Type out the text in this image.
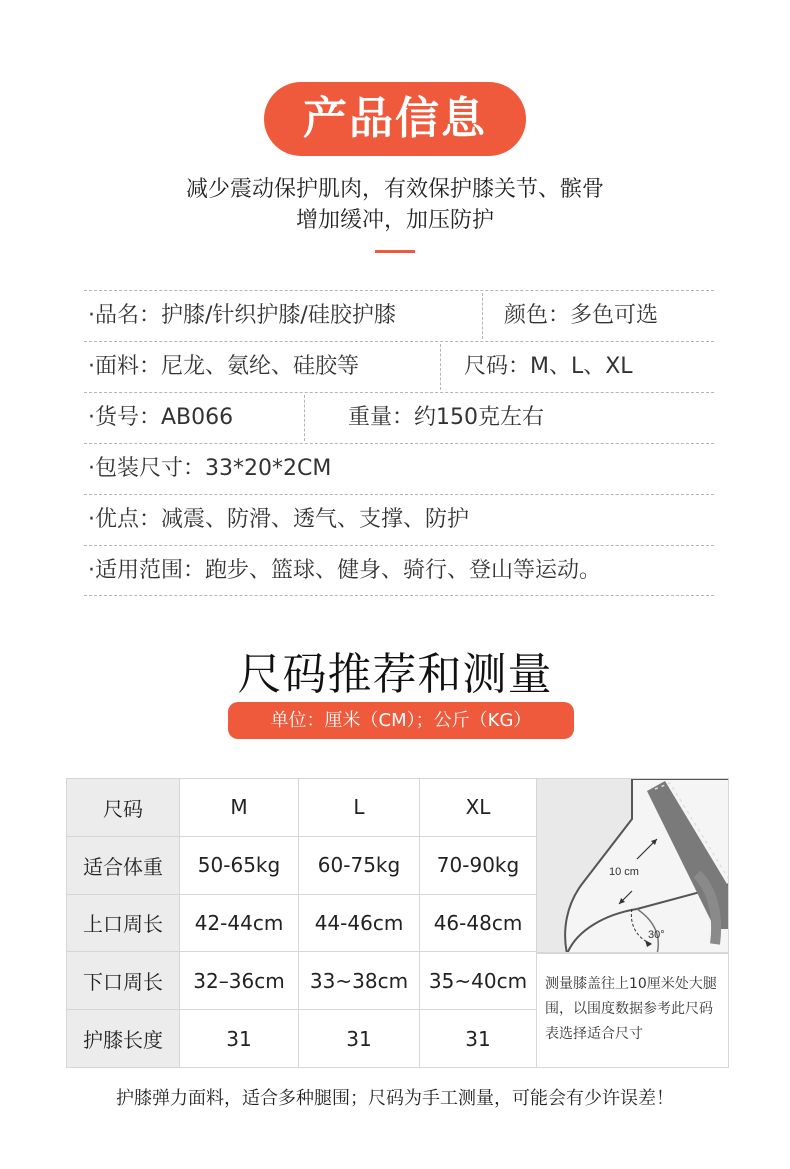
产品信息
减少震动保护肌肉，有效保护膝关节、髌骨
增加缓冲，加压防护
·品名：护膝/针织护膝/硅胶护膝	颜色：多色可选
·面料：尼龙、氨纶、硅胶等	尺码：M、L、XL
·货号：AB066	重量：约150克左右
·包装尺寸：33*20*2CM
·优点：减震、防滑、透气、支撑、防护
·适用范围：跑步、篮球、健身、骑行、登山等运动。
尺码推荐和测量
单位：厘米（CM）；公斤（KG）
尺码	M	L	XL
适合体重	50-65kg	60-75kg	70-90kg
上口周长	42-44cm	44-46cm	46-48cm
下口周长	32–36cm	33~38cm	35~40cm
护膝长度	31	31	31
10 cm
30°
测量膝盖往上10厘米处大腿围，以围度数据参考此尺码表选择适合尺寸
护膝弹力面料，适合多种腿围；尺码为手工测量，可能会有少许误差！
